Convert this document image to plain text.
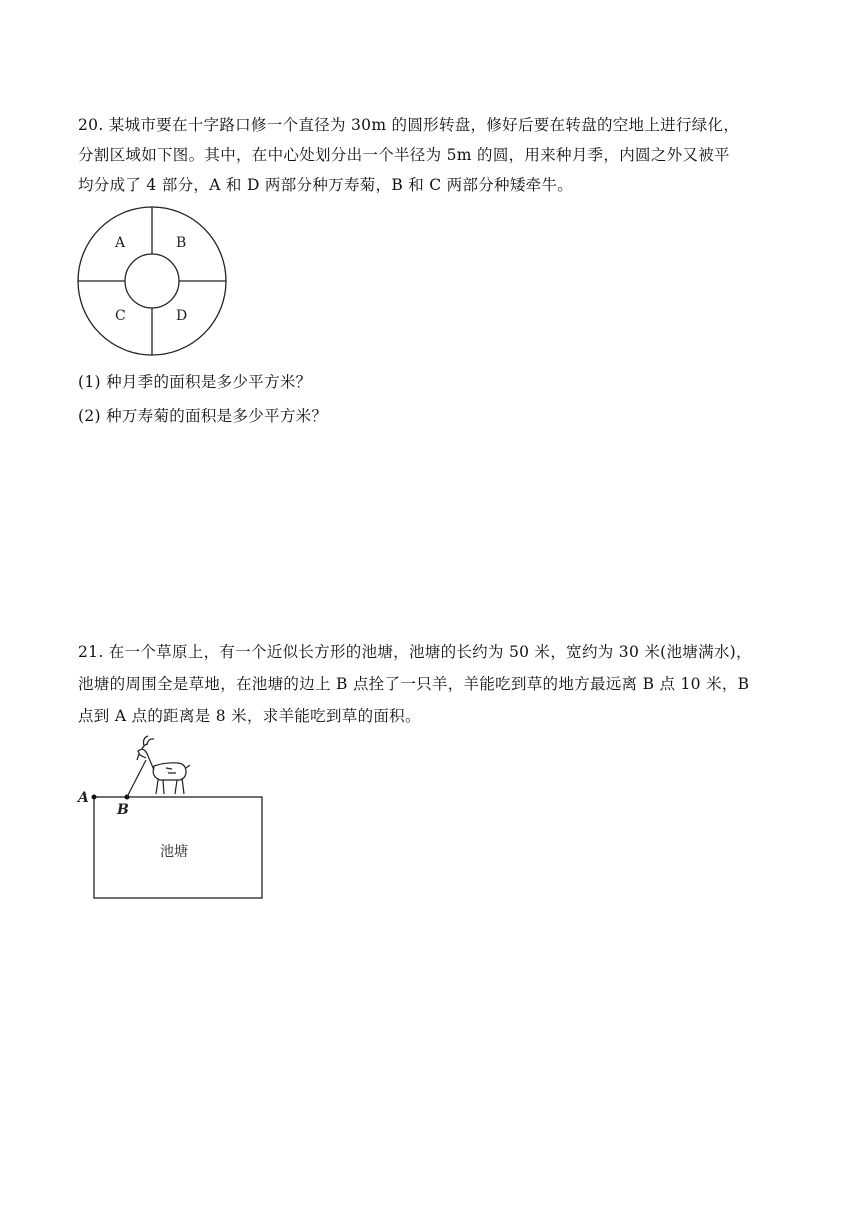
20. 某城市要在十字路口修一个直径为 30m 的圆形转盘，修好后要在转盘的空地上进行绿化，
分割区域如下图。其中，在中心处划分出一个半径为 5m 的圆，用来种月季，内圆之外又被平
均分成了 4 部分，A 和 D 两部分种万寿菊，B 和 C 两部分种矮牵牛。
A	B
C	D
(1) 种月季的面积是多少平方米？
(2) 种万寿菊的面积是多少平方米？
21. 在一个草原上，有一个近似长方形的池塘，池塘的长约为 50 米，宽约为 30 米(池塘满水)，
池塘的周围全是草地，在池塘的边上 B 点拴了一只羊，羊能吃到草的地方最远离 B 点 10 米，B
点到 A 点的距离是 8 米，求羊能吃到草的面积。
池塘
A
B
